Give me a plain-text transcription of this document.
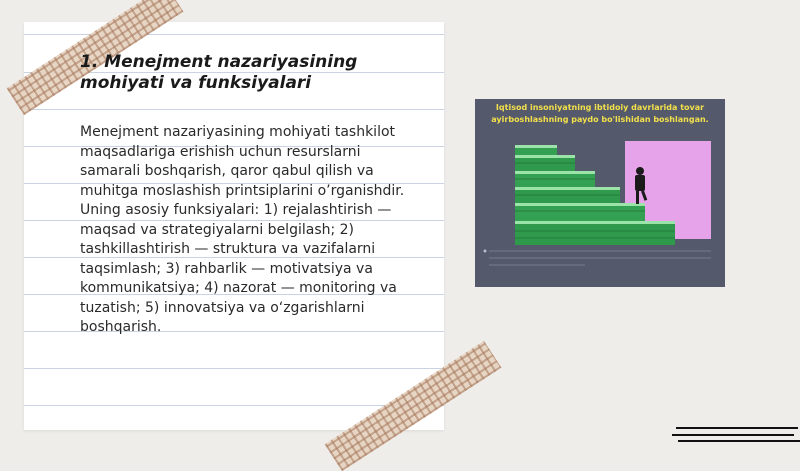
1. Menejment nazariyasining mohiyati va funksiyalari

Menejment nazariyasining mohiyati tashkilot maqsadlariga erishish uchun resurslarni samarali boshqarish, qaror qabul qilish va muhitga moslashish printsiplarini o’rganishdir. Uning asosiy funksiyalari: 1) rejalashtirish — maqsad va strategiyalarni belgilash; 2) tashkillashtirish — struktura va vazifalarni taqsimlash; 3) rahbarlik — motivatsiya va kommunikatsiya; 4) nazorat — monitoring va tuzatish; 5) innovatsiya va o‘zgarishlarni boshqarish.

Iqtisod insoniyatning ibtidoiy davrlarida tovar ayirboshlashning paydo bo'lishidan boshlangan.
